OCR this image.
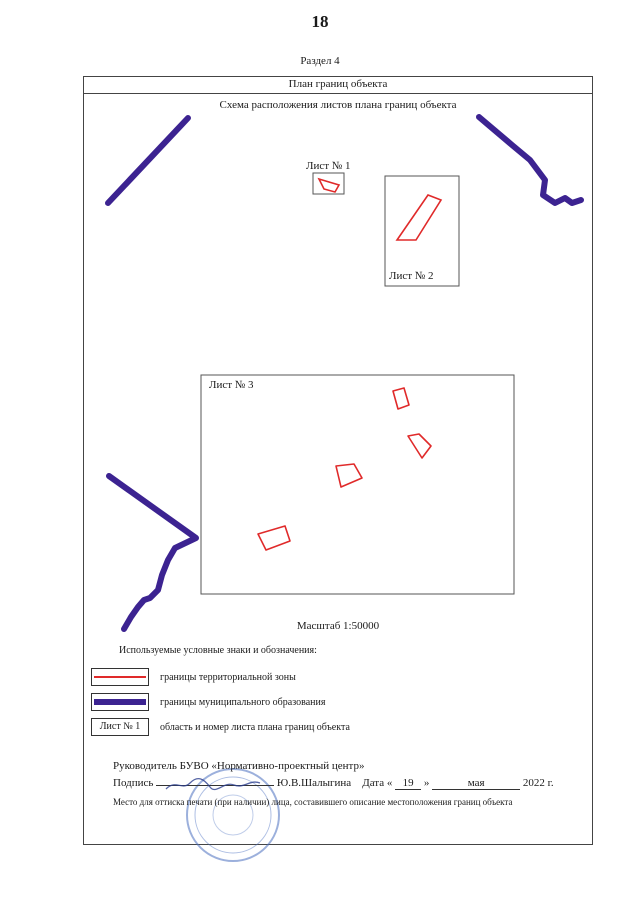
18
Раздел 4
План границ объекта
Схема расположения листов плана границ объекта
Лист № 1
Лист № 2
Лист № 3
Масштаб 1:50000
Используемые условные знаки и обозначения:
границы территориальной зоны
границы муниципального образования
Лист № 1	область и номер листа плана границ объекта
Руководитель БУВО «Нормативно-проектный центр»
Подпись	Ю.В.Шалыгина Дата « 19 »	мая	2022 г.
Место для оттиска печати (при наличии) лица, составившего описание местоположения границ объекта
